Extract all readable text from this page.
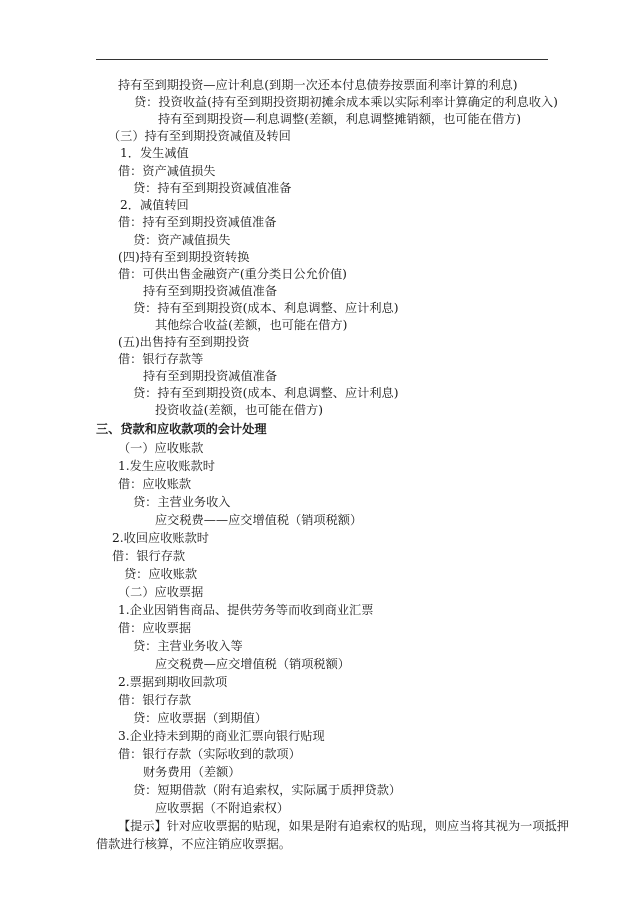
持有至到期投资—应计利息(到期一次还本付息债券按票面利率计算的利息)
贷：投资收益(持有至到期投资期初摊余成本乘以实际利率计算确定的利息收入)
持有至到期投资—利息调整(差额，利息调整摊销额，也可能在借方)
（三）持有至到期投资减值及转回
1．发生减值
借：资产减值损失
贷：持有至到期投资减值准备
2．减值转回
借：持有至到期投资减值准备
贷：资产减值损失
(四)持有至到期投资转换
借：可供出售金融资产(重分类日公允价值)
持有至到期投资减值准备
贷：持有至到期投资(成本、利息调整、应计利息)
其他综合收益(差额，也可能在借方)
(五)出售持有至到期投资
借：银行存款等
持有至到期投资减值准备
贷：持有至到期投资(成本、利息调整、应计利息)
投资收益(差额，也可能在借方)
三、贷款和应收款项的会计处理
（一）应收账款
1.发生应收账款时
借：应收账款
贷：主营业务收入
应交税费——应交增值税（销项税额）
2.收回应收账款时
借：银行存款
贷：应收账款
（二）应收票据
1.企业因销售商品、提供劳务等而收到商业汇票
借：应收票据
贷：主营业务收入等
应交税费—应交增值税（销项税额）
2.票据到期收回款项
借：银行存款
贷：应收票据（到期值）
3.企业持未到期的商业汇票向银行贴现
借：银行存款（实际收到的款项）
财务费用（差额）
贷：短期借款（附有追索权，实际属于质押贷款）
应收票据（不附追索权）
【提示】针对应收票据的贴现，如果是附有追索权的贴现，则应当将其视为一项抵押
借款进行核算，不应注销应收票据。
